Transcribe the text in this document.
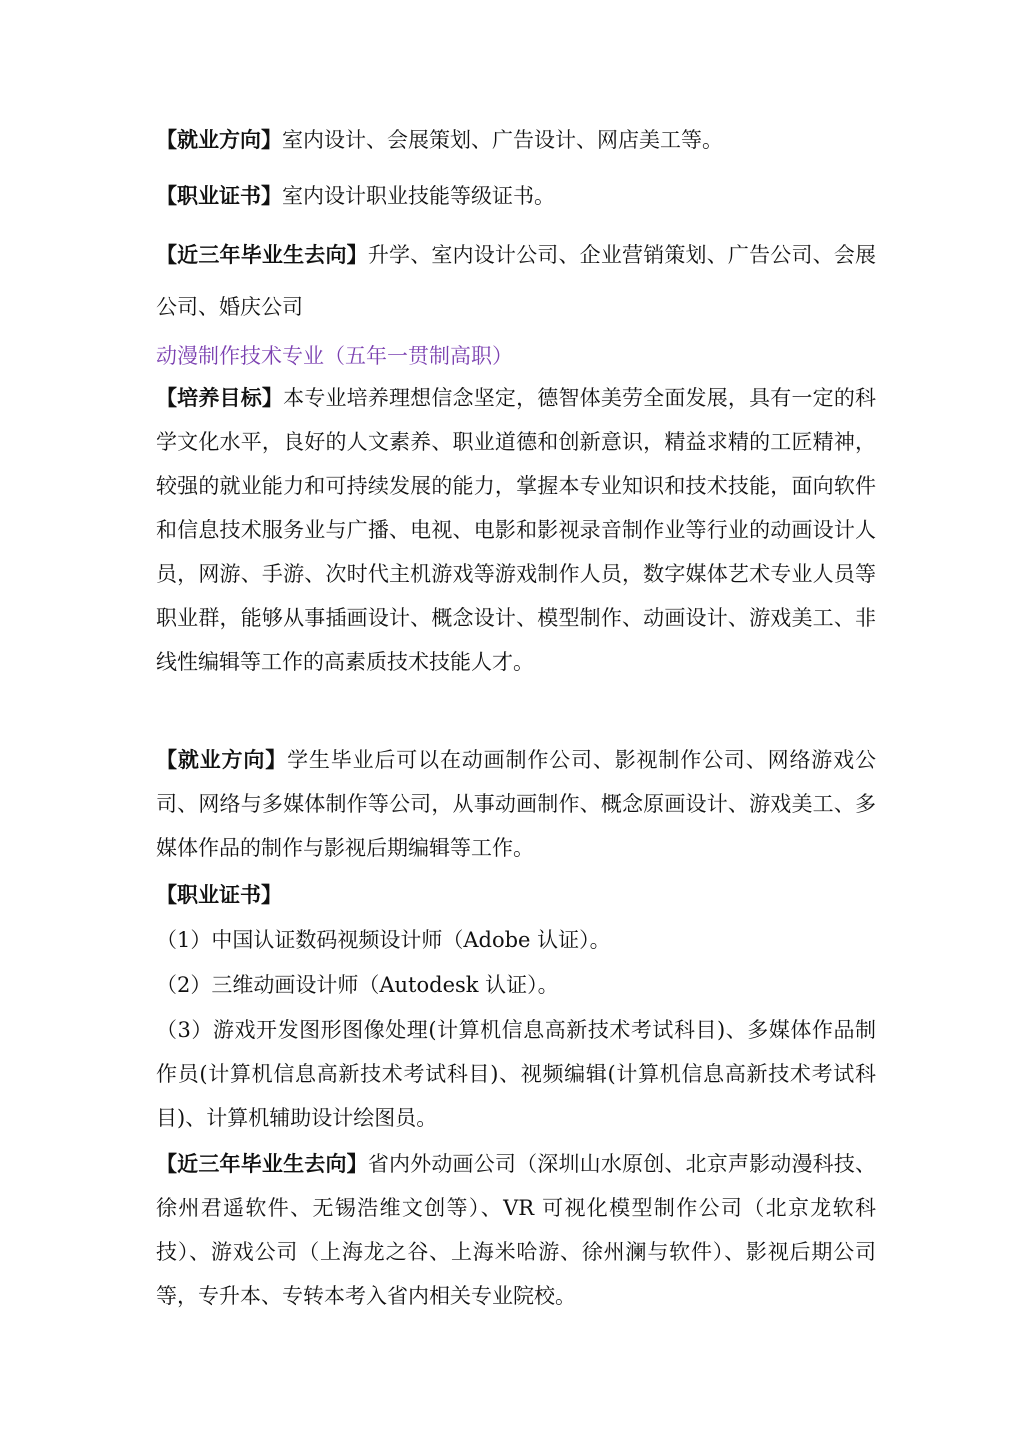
【就业方向】室内设计、会展策划、广告设计、网店美工等。

【职业证书】室内设计职业技能等级证书。

【近三年毕业生去向】升学、室内设计公司、企业营销策划、广告公司、会展公司、婚庆公司

动漫制作技术专业（五年一贯制高职）

【培养目标】本专业培养理想信念坚定，德智体美劳全面发展，具有一定的科学文化水平，良好的人文素养、职业道德和创新意识，精益求精的工匠精神，较强的就业能力和可持续发展的能力，掌握本专业知识和技术技能，面向软件和信息技术服务业与广播、电视、电影和影视录音制作业等行业的动画设计人员，网游、手游、次时代主机游戏等游戏制作人员，数字媒体艺术专业人员等职业群，能够从事插画设计、概念设计、模型制作、动画设计、游戏美工、非线性编辑等工作的高素质技术技能人才。

【就业方向】学生毕业后可以在动画制作公司、影视制作公司、网络游戏公司、网络与多媒体制作等公司，从事动画制作、概念原画设计、游戏美工、多媒体作品的制作与影视后期编辑等工作。

【职业证书】

（1）中国认证数码视频设计师（Adobe 认证）。

（2）三维动画设计师（Autodesk 认证）。

（3）游戏开发图形图像处理(计算机信息高新技术考试科目)、多媒体作品制作员(计算机信息高新技术考试科目)、视频编辑(计算机信息高新技术考试科目)、计算机辅助设计绘图员。

【近三年毕业生去向】省内外动画公司（深圳山水原创、北京声影动漫科技、徐州君遥软件、无锡浩维文创等）、VR 可视化模型制作公司（北京龙软科技）、游戏公司（上海龙之谷、上海米哈游、徐州澜与软件）、影视后期公司等，专升本、专转本考入省内相关专业院校。
